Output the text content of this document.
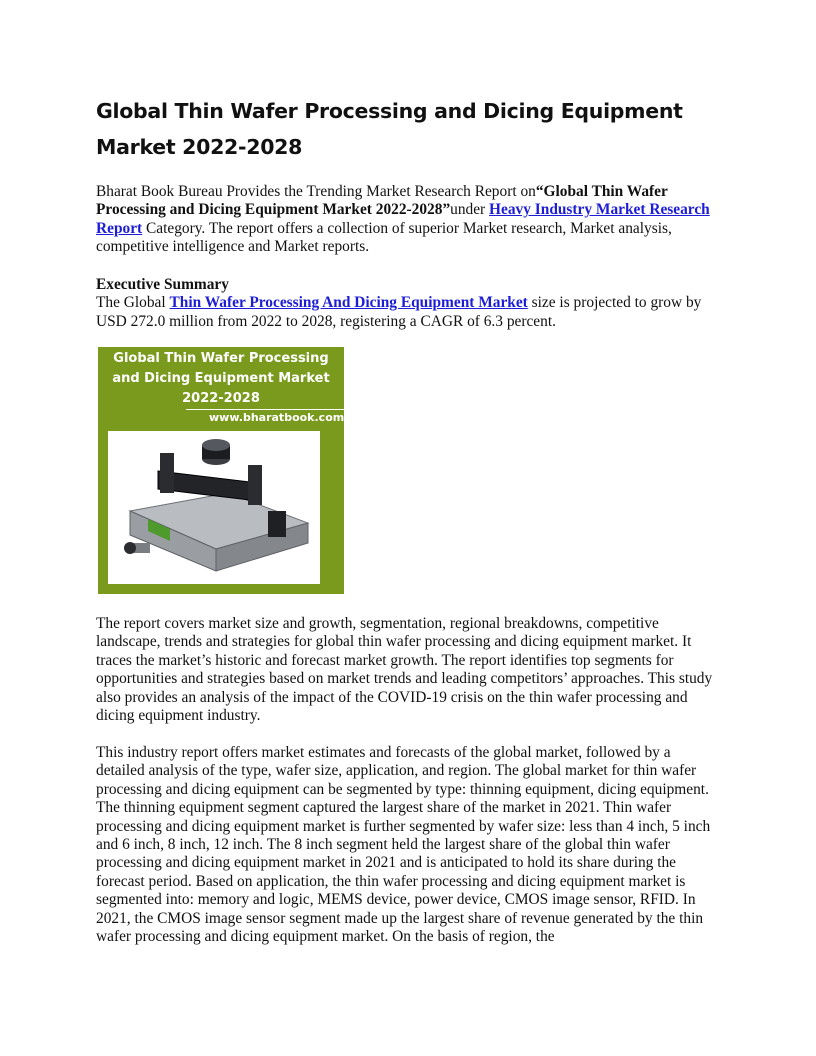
Global Thin Wafer Processing and Dicing Equipment Market 2022-2028

Bharat Book Bureau Provides the Trending Market Research Report on“Global Thin Wafer Processing and Dicing Equipment Market 2022-2028”under Heavy Industry Market Research Report Category. The report offers a collection of superior Market research, Market analysis, competitive intelligence and Market reports.

Executive Summary
The Global Thin Wafer Processing And Dicing Equipment Market size is projected to grow by USD 272.0 million from 2022 to 2028, registering a CAGR of 6.3 percent.

The report covers market size and growth, segmentation, regional breakdowns, competitive landscape, trends and strategies for global thin wafer processing and dicing equipment market. It traces the market’s historic and forecast market growth. The report identifies top segments for opportunities and strategies based on market trends and leading competitors’ approaches. This study also provides an analysis of the impact of the COVID-19 crisis on the thin wafer processing and dicing equipment industry.

This industry report offers market estimates and forecasts of the global market, followed by a detailed analysis of the type, wafer size, application, and region. The global market for thin wafer processing and dicing equipment can be segmented by type: thinning equipment, dicing equipment. The thinning equipment segment captured the largest share of the market in 2021. Thin wafer processing and dicing equipment market is further segmented by wafer size: less than 4 inch, 5 inch and 6 inch, 8 inch, 12 inch. The 8 inch segment held the largest share of the global thin wafer processing and dicing equipment market in 2021 and is anticipated to hold its share during the forecast period. Based on application, the thin wafer processing and dicing equipment market is segmented into: memory and logic, MEMS device, power device, CMOS image sensor, RFID. In 2021, the CMOS image sensor segment made up the largest share of revenue generated by the thin wafer processing and dicing equipment market. On the basis of region, the

Global Thin Wafer Processing and Dicing Equipment Market 2022-2028

www.bharatbook.com
